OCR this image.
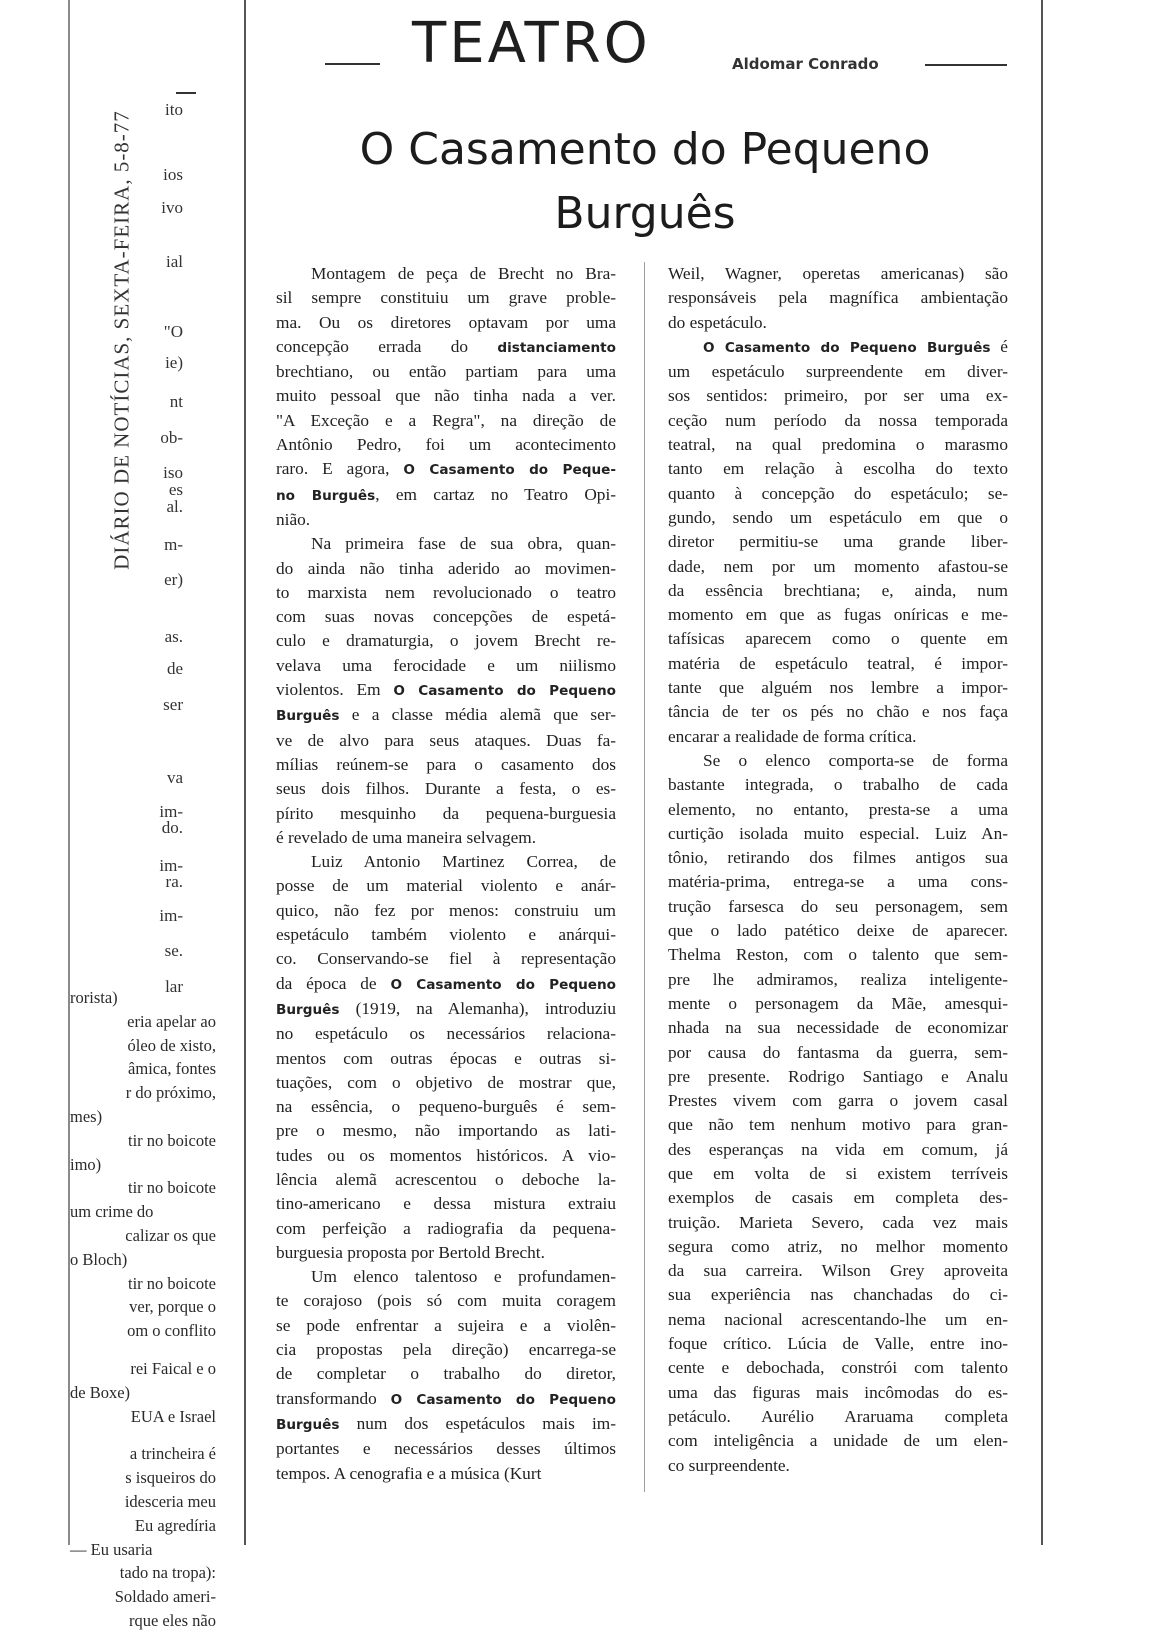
DIÁRIO DE NOTÍCIAS, SEXTA-FEIRA, 5-8-77
ito
ios
ivo
ial
"O
ie)
nt
ob-
iso
es
al.
m-
er)
as.
de
ser
va
im-
do.
im-
ra.
im-
se.
lar
rorista)
eria apelar ao
óleo de xisto,
âmica, fontes
r do próximo,
mes)
tir no boicote
imo)
tir no boicote
um crime do
calizar os que
o Bloch)
tir no boicote
ver, porque o
om o conflito
rei Faical e o
de Boxe)
EUA e Israel
a trincheira é
s isqueiros do
idesceria meu
Eu agredíria
— Eu usaria
tado na tropa):
Soldado ameri-
rque eles não
TEATRO	Aldomar Conrado
O Casamento do Pequeno Burguês
Montagem de peça de Brecht no Bra-
sil sempre constituiu um grave proble-
ma. Ou os diretores optavam por uma
concepção errada do distanciamento
brechtiano, ou então partiam para uma
muito pessoal que não tinha nada a ver.
"A Exceção e a Regra", na direção de
Antônio Pedro, foi um acontecimento
raro. E agora, O Casamento do Peque-
no Burguês, em cartaz no Teatro Opi-
nião.
Na primeira fase de sua obra, quan-
do ainda não tinha aderido ao movimen-
to marxista nem revolucionado o teatro
com suas novas concepções de espetá-
culo e dramaturgia, o jovem Brecht re-
velava uma ferocidade e um niilismo
violentos. Em O Casamento do Pequeno
Burguês e a classe média alemã que ser-
ve de alvo para seus ataques. Duas fa-
mílias reúnem-se para o casamento dos
seus dois filhos. Durante a festa, o es-
pírito mesquinho da pequena-burguesia
é revelado de uma maneira selvagem.
Luiz Antonio Martinez Correa, de
posse de um material violento e anár-
quico, não fez por menos: construiu um
espetáculo também violento e anárqui-
co. Conservando-se fiel à representação
da época de O Casamento do Pequeno
Burguês (1919, na Alemanha), introduziu
no espetáculo os necessários relaciona-
mentos com outras épocas e outras si-
tuações, com o objetivo de mostrar que,
na essência, o pequeno-burguês é sem-
pre o mesmo, não importando as lati-
tudes ou os momentos históricos. A vio-
lência alemã acrescentou o deboche la-
tino-americano e dessa mistura extraiu
com perfeição a radiografia da pequena-
burguesia proposta por Bertold Brecht.
Um elenco talentoso e profundamen-
te corajoso (pois só com muita coragem
se pode enfrentar a sujeira e a violên-
cia propostas pela direção) encarrega-se
de completar o trabalho do diretor,
transformando O Casamento do Pequeno
Burguês num dos espetáculos mais im-
portantes e necessários desses últimos
tempos. A cenografia e a música (Kurt
Weil, Wagner, operetas americanas) são
responsáveis pela magnífica ambientação
do espetáculo.
O Casamento do Pequeno Burguês é
um espetáculo surpreendente em diver-
sos sentidos: primeiro, por ser uma ex-
ceção num período da nossa temporada
teatral, na qual predomina o marasmo
tanto em relação à escolha do texto
quanto à concepção do espetáculo; se-
gundo, sendo um espetáculo em que o
diretor permitiu-se uma grande liber-
dade, nem por um momento afastou-se
da essência brechtiana; e, ainda, num
momento em que as fugas oníricas e me-
tafísicas aparecem como o quente em
matéria de espetáculo teatral, é impor-
tante que alguém nos lembre a impor-
tância de ter os pés no chão e nos faça
encarar a realidade de forma crítica.
Se o elenco comporta-se de forma
bastante integrada, o trabalho de cada
elemento, no entanto, presta-se a uma
curtição isolada muito especial. Luiz An-
tônio, retirando dos filmes antigos sua
matéria-prima, entrega-se a uma cons-
trução farsesca do seu personagem, sem
que o lado patético deixe de aparecer.
Thelma Reston, com o talento que sem-
pre lhe admiramos, realiza inteligente-
mente o personagem da Mãe, amesqui-
nhada na sua necessidade de economizar
por causa do fantasma da guerra, sem-
pre presente. Rodrigo Santiago e Analu
Prestes vivem com garra o jovem casal
que não tem nenhum motivo para gran-
des esperanças na vida em comum, já
que em volta de si existem terríveis
exemplos de casais em completa des-
truição. Marieta Severo, cada vez mais
segura como atriz, no melhor momento
da sua carreira. Wilson Grey aproveita
sua experiência nas chanchadas do ci-
nema nacional acrescentando-lhe um en-
foque crítico. Lúcia de Valle, entre ino-
cente e debochada, constrói com talento
uma das figuras mais incômodas do es-
petáculo. Aurélio Araruama completa
com inteligência a unidade de um elen-
co surpreendente.
